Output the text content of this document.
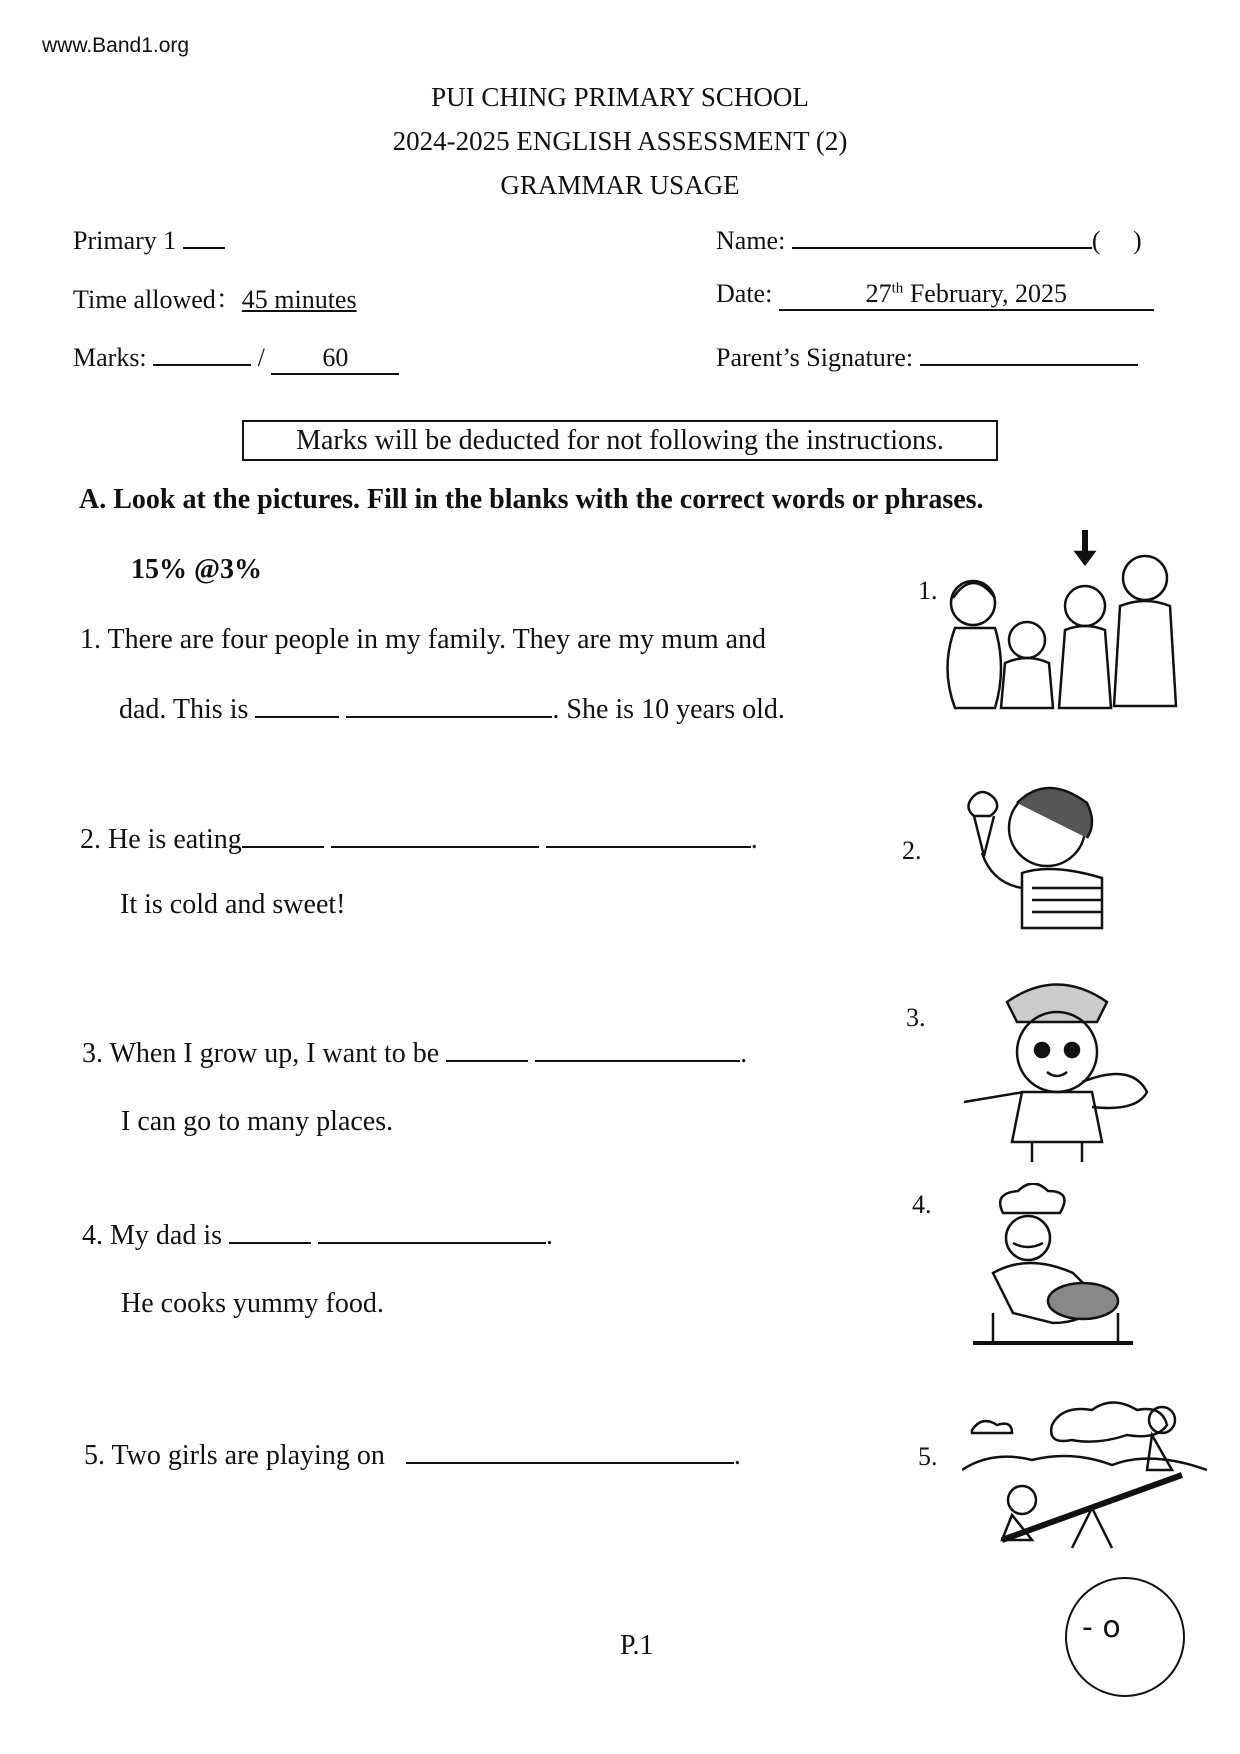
www.Band1.org
PUI CHING PRIMARY SCHOOL
2024-2025 ENGLISH ASSESSMENT (2)
GRAMMAR USAGE
Primary 1	Name:	(     )
Time allowed：45 minutes	Date:	27th February, 2025
Marks:	/ 60	Parent’s Signature:
Marks will be deducted for not following the instructions.
A. Look at the pictures. Fill in the blanks with the correct words or phrases.
15% @3%
1. There are four people in my family. They are my mum and
dad. This is	. She is 10 years old.
2. He is eating	.
It is cold and sweet!
3. When I grow up, I want to be	.
I can go to many places.
4. My dad is	.
He cooks yummy food.
5. Two girls are playing on	.
1.
2.
3.
4.
5.
P.1
- o
